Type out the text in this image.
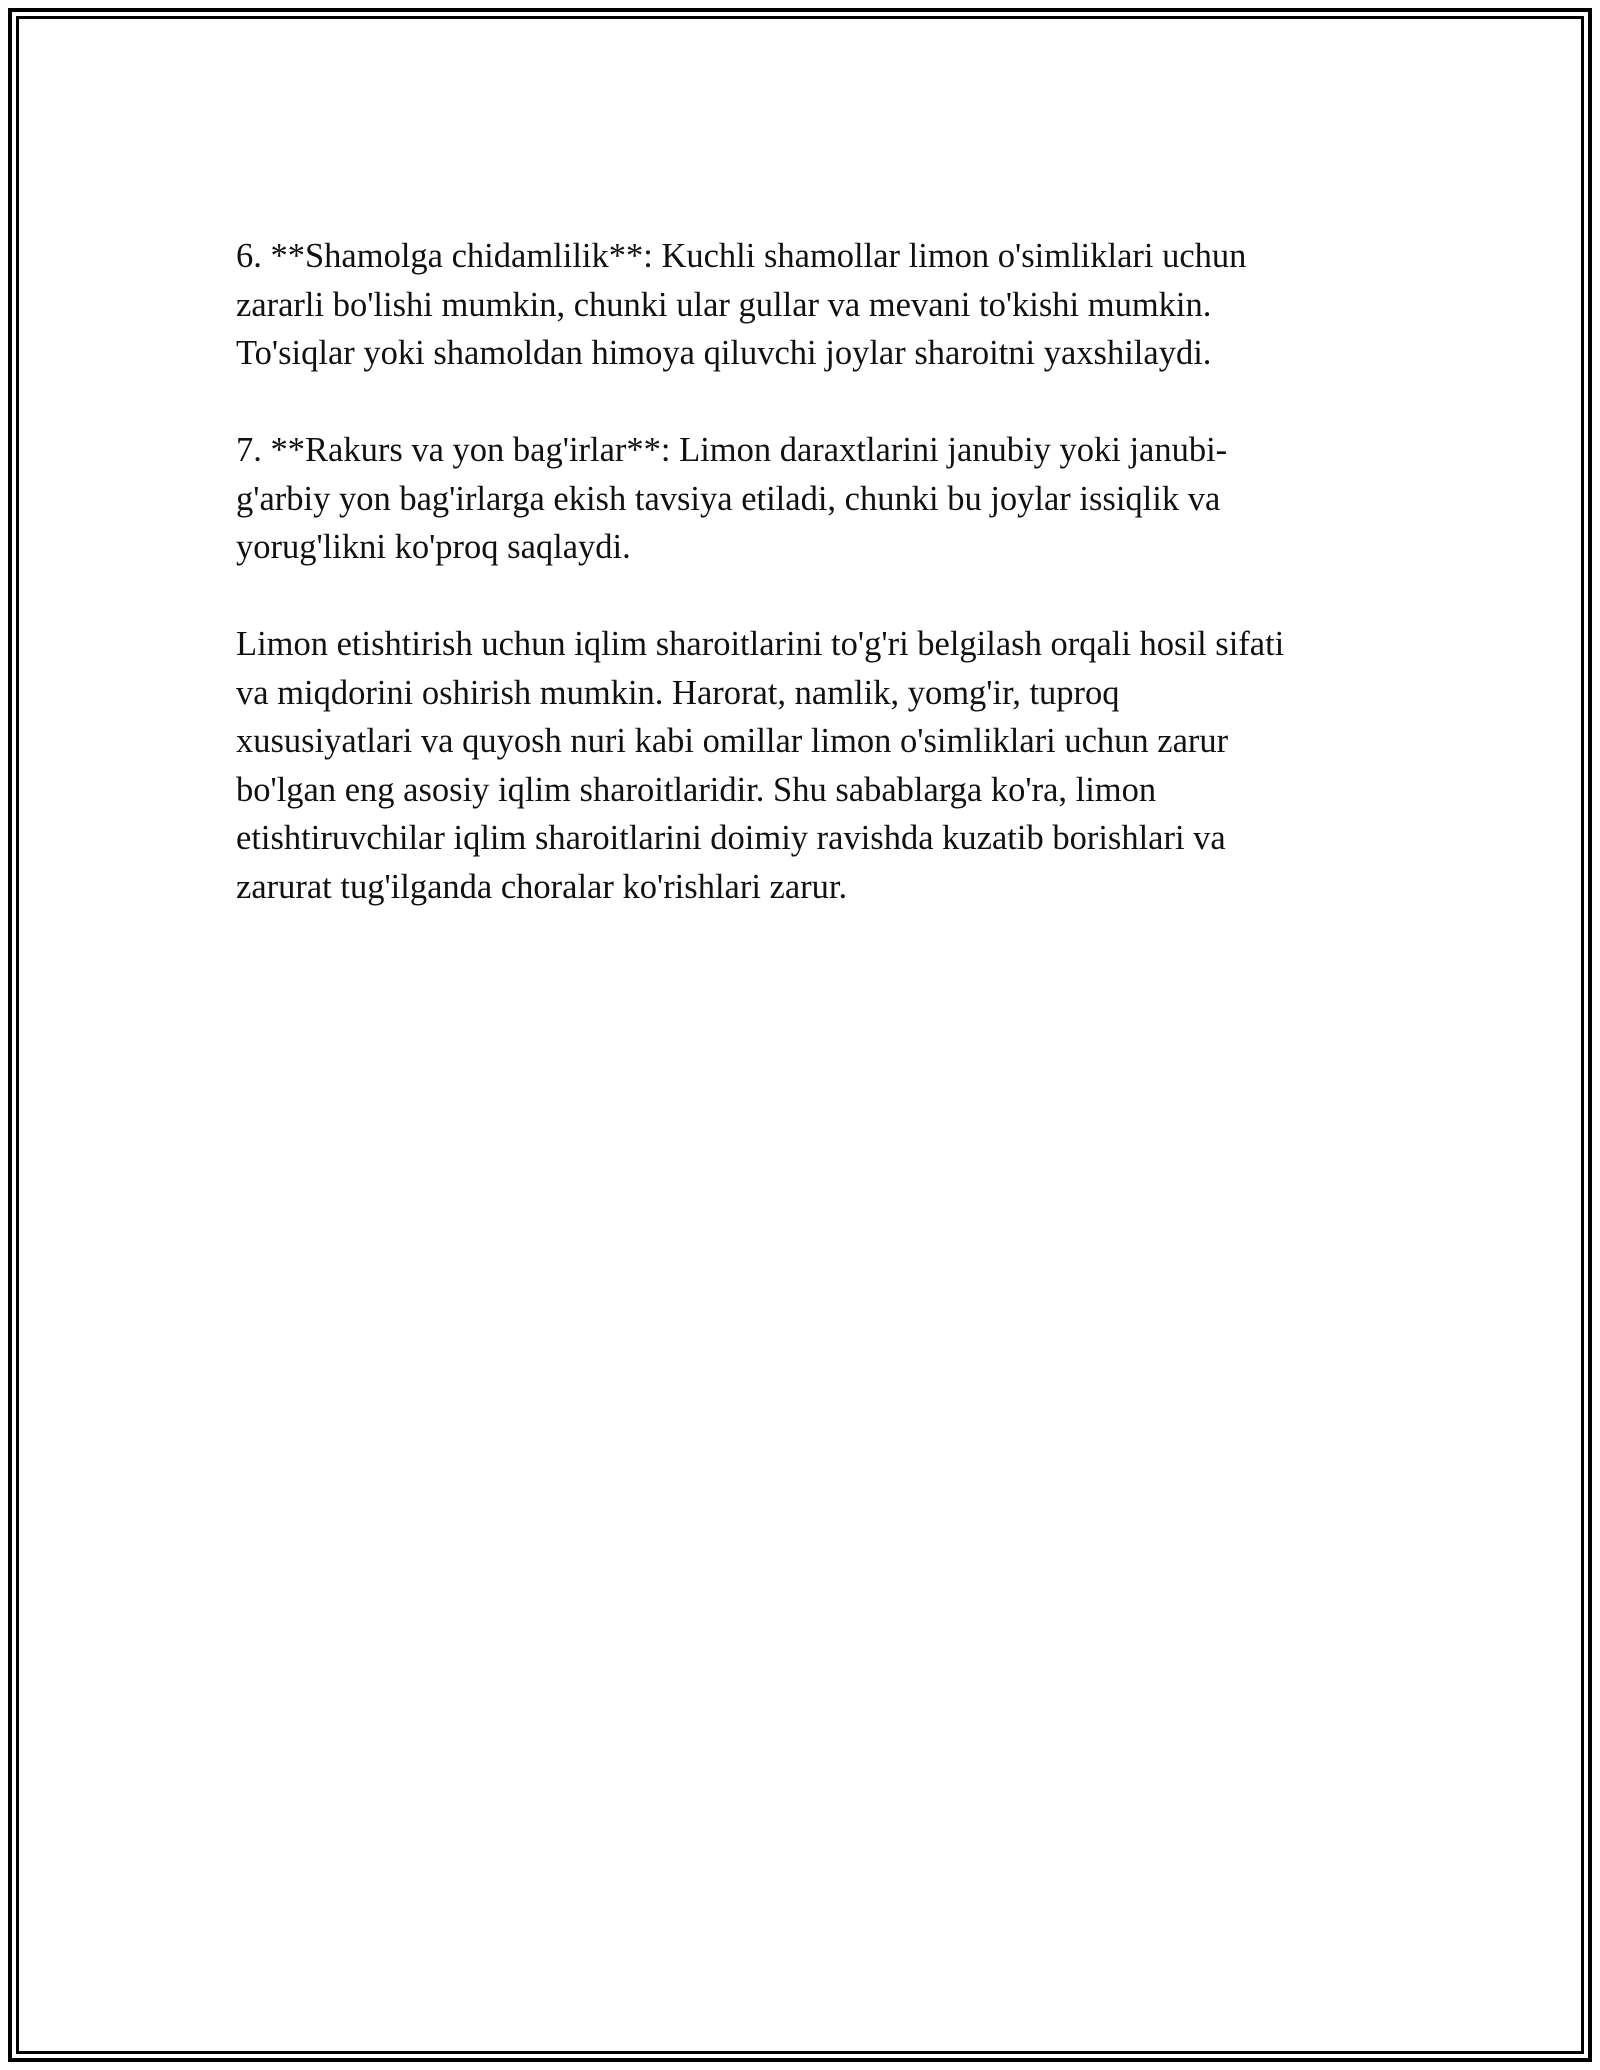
6. **Shamolga chidamlilik**: Kuchli shamollar limon o'simliklari uchun
zararli bo'lishi mumkin, chunki ular gullar va mevani to'kishi mumkin.
To'siqlar yoki shamoldan himoya qiluvchi joylar sharoitni yaxshilaydi.
7. **Rakurs va yon bag'irlar**: Limon daraxtlarini janubiy yoki janubi-
g'arbiy yon bag'irlarga ekish tavsiya etiladi, chunki bu joylar issiqlik va
yorug'likni ko'proq saqlaydi.
Limon etishtirish uchun iqlim sharoitlarini to'g'ri belgilash orqali hosil sifati
va miqdorini oshirish mumkin. Harorat, namlik, yomg'ir, tuproq
xususiyatlari va quyosh nuri kabi omillar limon o'simliklari uchun zarur
bo'lgan eng asosiy iqlim sharoitlaridir. Shu sabablarga ko'ra, limon
etishtiruvchilar iqlim sharoitlarini doimiy ravishda kuzatib borishlari va
zarurat tug'ilganda choralar ko'rishlari zarur.
